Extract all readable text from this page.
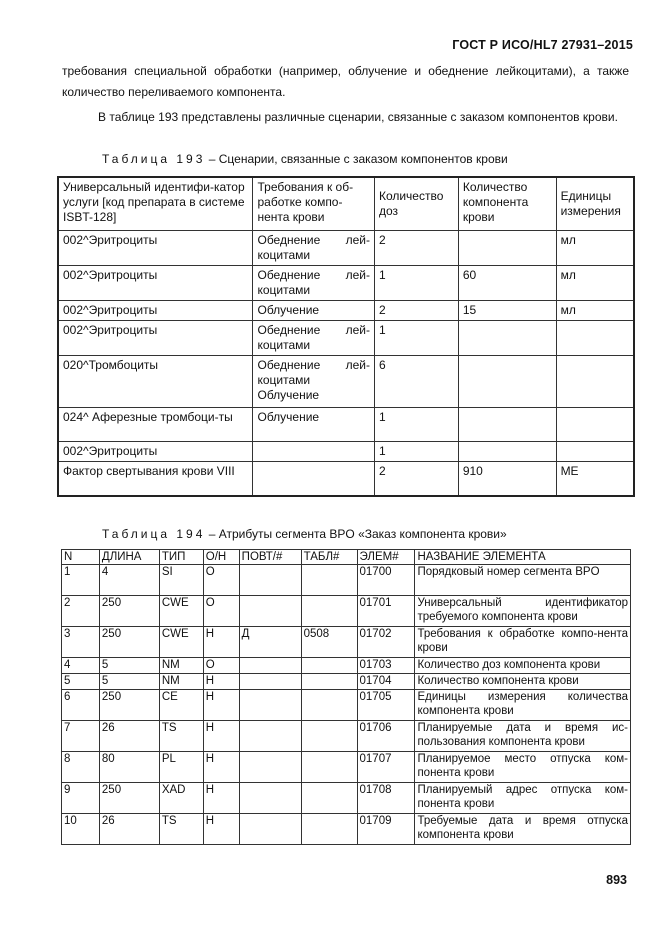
ГОСТ Р ИСО/HL7 27931–2015

требования специальной обработки (например, облучение и обеднение лейкоцитами), а также количество переливаемого компонента.

В таблице 193 представлены различные сценарии, связанные с заказом компонентов крови.

Таблица 193 – Сценарии, связанные с заказом компонентов крови
Универсальный идентифи-катор услуги [код препарата в системе ISBT-128]	Требования к об-работке компо-нента крови	Количество доз	Количество компонента крови	Единицы измерения
002^Эритроциты	Обеднение лей-коцитами	2		мл
002^Эритроциты	Обеднение лей-коцитами	1	60	мл
002^Эритроциты	Облучение	2	15	мл
002^Эритроциты	Обеднение лей-коцитами	1		
020^Тромбоциты	Обеднение лей-коцитами Облучение	6		
024^ Аферезные тромбоци-ты	Облучение	1		
002^Эритроциты		1		
Фактор свертывания крови VIII		2	910	МЕ
Таблица 194 – Атрибуты сегмента BPO «Заказ компонента крови»
N	ДЛИНА	ТИП	О/Н	ПОВТ/#	ТАБЛ#	ЭЛЕМ#	НАЗВАНИЕ ЭЛЕМЕНТА
1	4	SI	O			01700	Порядковый номер сегмента BPO
2	250	CWE	O			01701	Универсальный идентификатор требуемого компонента крови
3	250	CWE	Н	Д	0508	01702	Требования к обработке компо-нента крови
4	5	NM	O			01703	Количество доз компонента крови
5	5	NM	Н			01704	Количество компонента крови
6	250	CE	Н			01705	Единицы измерения количества компонента крови
7	26	TS	Н			01706	Планируемые дата и время ис-пользования компонента крови
8	80	PL	Н			01707	Планируемое место отпуска ком-понента крови
9	250	XAD	Н			01708	Планируемый адрес отпуска ком-понента крови
10	26	TS	Н			01709	Требуемые дата и время отпуска компонента крови
893
